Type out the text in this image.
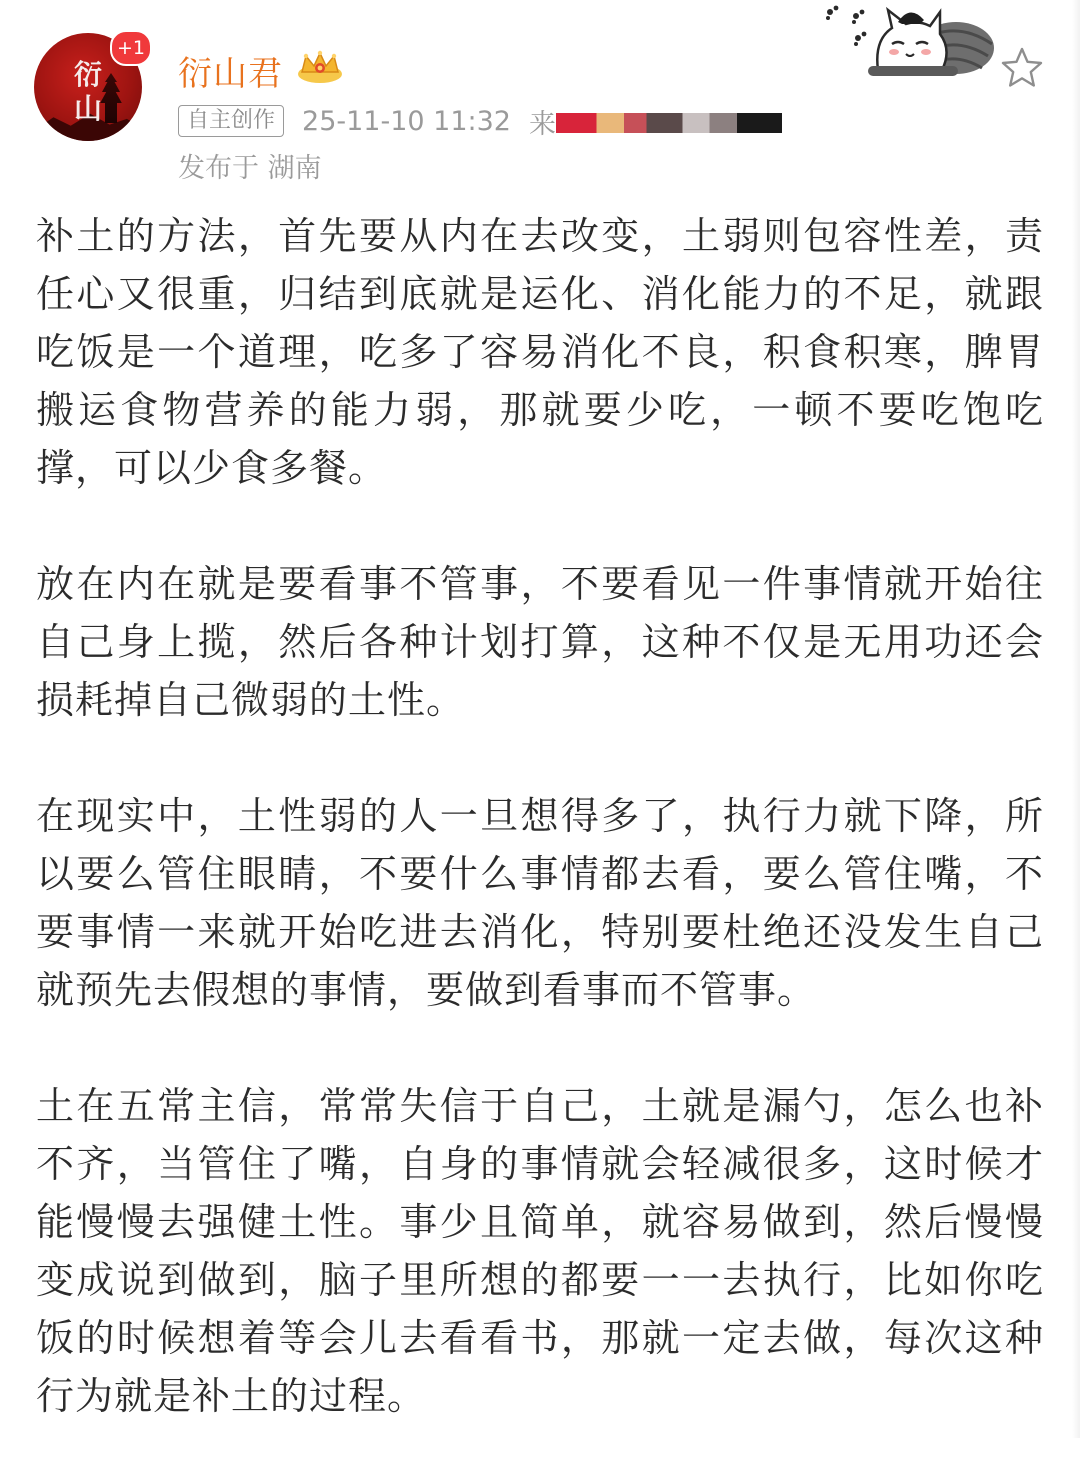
衍
山
+1
衍山君
自主创作	25-11-10 11:32 来
发布于 湖南

补土的方法，首先要从内在去改变，土弱则包容性差，责任心又很重，归结到底就是运化、消化能力的不足，就跟吃饭是一个道理，吃多了容易消化不良，积食积寒，脾胃搬运食物营养的能力弱，那就要少吃，一顿不要吃饱吃撑，可以少食多餐。

放在内在就是要看事不管事，不要看见一件事情就开始往自己身上揽，然后各种计划打算，这种不仅是无用功还会损耗掉自己微弱的土性。

在现实中，土性弱的人一旦想得多了，执行力就下降，所以要么管住眼睛，不要什么事情都去看，要么管住嘴，不要事情一来就开始吃进去消化，特别要杜绝还没发生自己就预先去假想的事情，要做到看事而不管事。

土在五常主信，常常失信于自己，土就是漏勺，怎么也补不齐，当管住了嘴，自身的事情就会轻减很多，这时候才能慢慢去强健土性。事少且简单，就容易做到，然后慢慢变成说到做到，脑子里所想的都要一一去执行，比如你吃饭的时候想着等会儿去看看书，那就一定去做，每次这种行为就是补土的过程。
